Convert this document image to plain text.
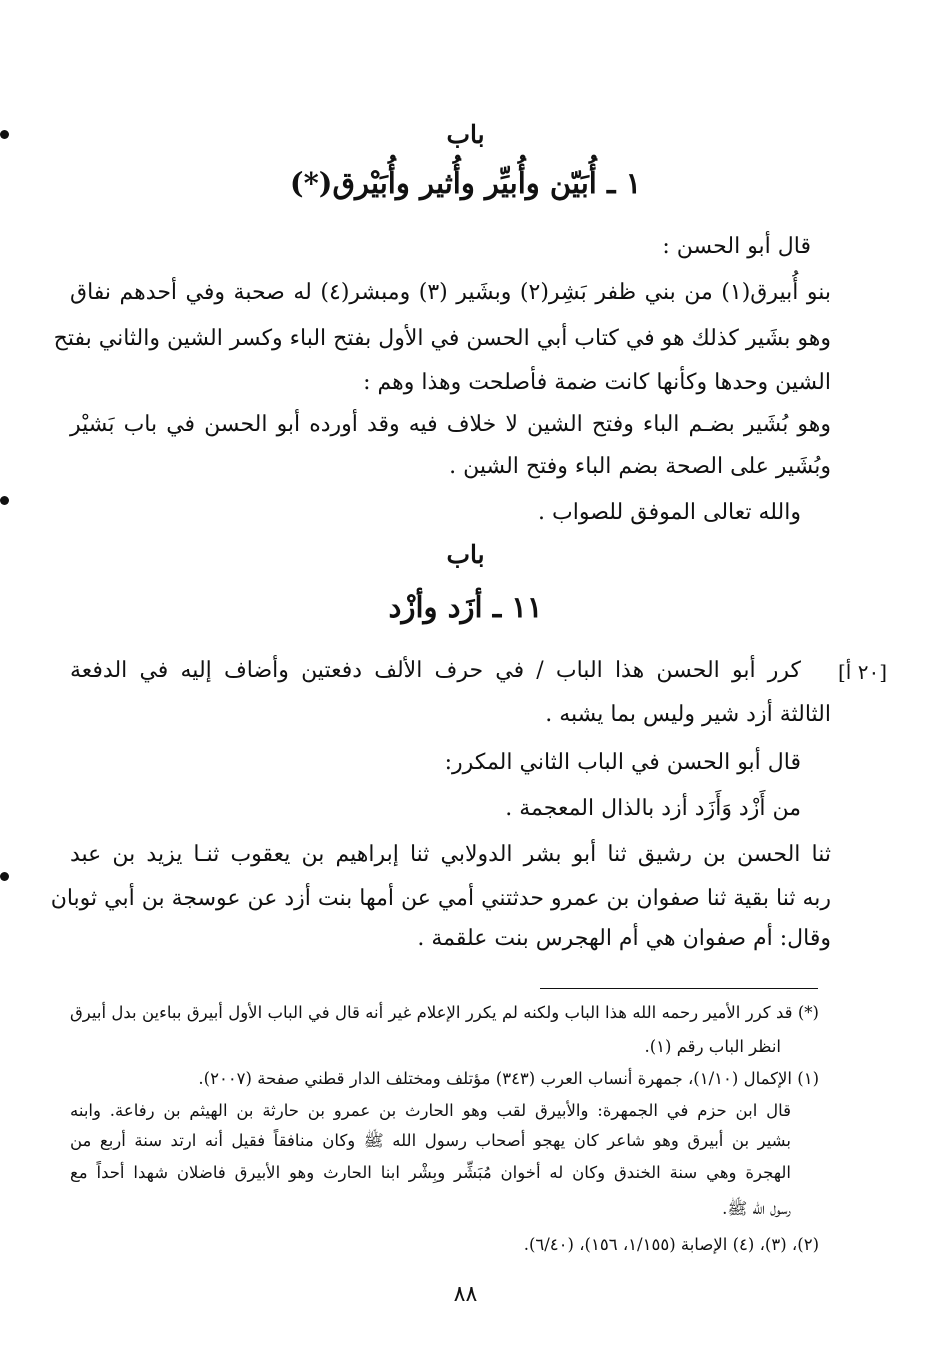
باب
١ ـ أُبَيّن وأُبيِّر وأُثير وأُبَيْرق(*)
قال أبو الحسن :
بنو أُبيرق(١) من بني ظفر بَشِر(٢) وبشَير (٣) ومبشر(٤) له صحبة وفي أحدهم نفاق
وهو بشَير كذلك هو في كتاب أبي الحسن في الأول بفتح الباء وكسر الشين والثاني بفتح
الشين وحدها وكأنها كانت ضمة فأصلحت وهذا وهم :
وهو بُشَير بضـم الباء وفتح الشين لا خلاف فيه وقد أورده أبو الحسن في باب بَشيْر
وبُشَير على الصحة بضم الباء وفتح الشين .
والله تعالى الموفق للصواب .
باب
١١ ـ أزَد وأزْد
[٢٠ أ]
كرر أبو الحسن هذا الباب / في حرف الألف دفعتين وأضاف إليه في الدفعة
الثالثة أزد شير وليس بما يشبه .
قال أبو الحسن في الباب الثاني المكرر:
من أَزْد وَأَزَد أزد بالذال المعجمة .
ثنا الحسن بن رشيق ثنا أبو بشر الدولابي ثنا إبراهيم بن يعقوب ثنـا يزيد بن عبد
ربه ثنا بقية ثنا صفوان بن عمرو حدثتني أمي عن أمها بنت أزد عن عوسجة بن أبي ثوبان
وقال: أم صفوان هي أم الهجرس بنت علقمة .
(*) قد كرر الأمير رحمه الله هذا الباب ولكنه لم يكرر الإعلام غير أنه قال في الباب الأول أبيرق بباءين بدل أبيرق
انظر الباب رقم (١).
(١) الإكمال (١/١٠)، جمهرة أنساب العرب (٣٤٣) مؤتلف ومختلف الدار قطني صفحة (٢٠٠٧).
قال ابن حزم في الجمهرة: والأبيرق لقب وهو الحارث بن عمرو بن حارثة بن الهيثم بن رفاعة. وابنه
بشير بن أبيرق وهو شاعر كان يهجو أصحاب رسول الله ﷺ وكان منافقاً فقيل أنه ارتد سنة أربع من
الهجرة وهي سنة الخندق وكان له أخوان مُبَشِّر وبِشْر ابنا الحارث وهو الأبيرق فاضلان شهدا أحداً مع
رسول الله ﷺ.
(٢)، (٣)، (٤) الإصابة (١/١٥٥، ١٥٦)، (٦/٤٠).
٨٨
